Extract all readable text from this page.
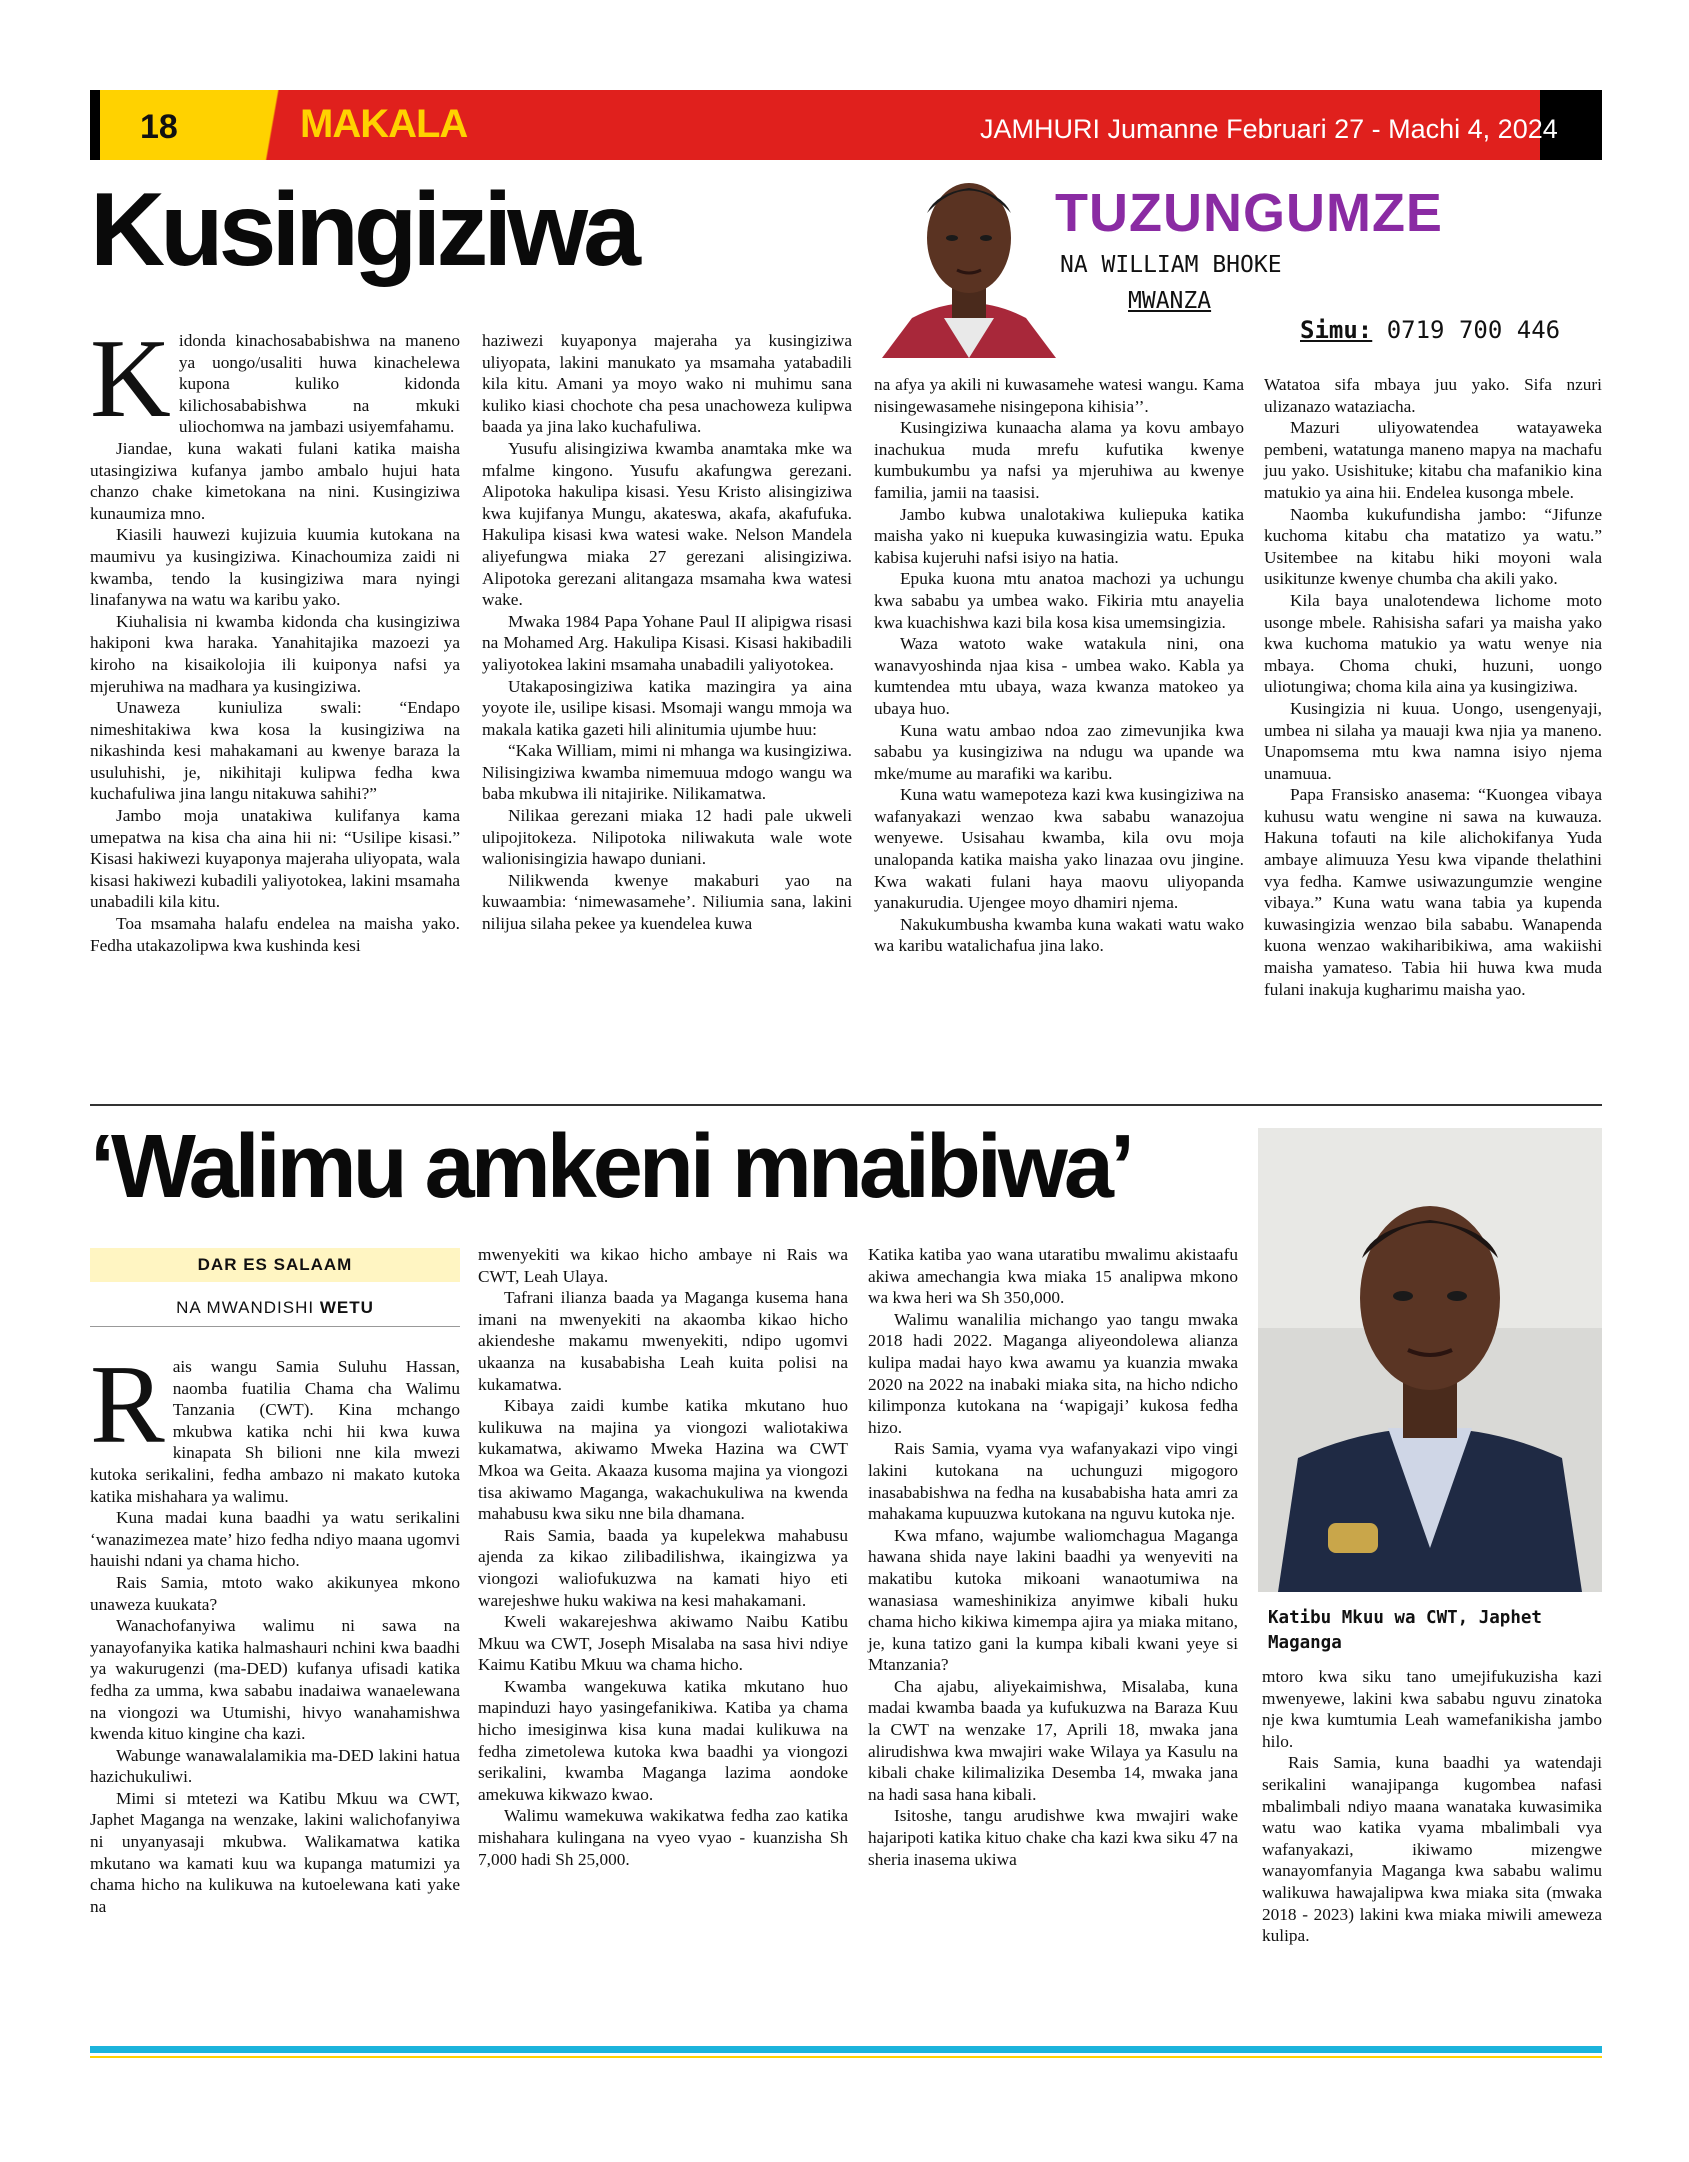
18	MAKALA	JAMHURI Jumanne Februari 27 - Machi 4, 2024
Kusingiziwa	TUZUNGUMZE
NA WILLIAM BHOKE
MWANZA
Simu: 0719 700 446
K idonda kinachosababishwa na maneno ya uongo/usaliti huwa kinachelewa kupona kuliko kidonda kilichosababishwa na mkuki uliochomwa na jambazi usiyemfahamu.

Jiandae, kuna wakati fulani katika maisha utasingiziwa kufanya jambo ambalo hujui hata chanzo chake kimetokana na nini. Kusingiziwa kunaumiza mno.

Kiasili hauwezi kujizuia kuumia kutokana na maumivu ya kusingiziwa. Kinachoumiza zaidi ni kwamba, tendo la kusingiziwa mara nyingi linafanywa na watu wa karibu yako.

Kiuhalisia ni kwamba kidonda cha kusingiziwa hakiponi kwa haraka. Yanahitajika mazoezi ya kiroho na kisaikolojia ili kuiponya nafsi ya mjeruhiwa na madhara ya kusingiziwa.

Unaweza kuniuliza swali: “Endapo nimeshitakiwa kwa kosa la kusingiziwa na nikashinda kesi mahakamani au kwenye baraza la usuluhishi, je, nikihitaji kulipwa fedha kwa kuchafuliwa jina langu nitakuwa sahihi?”

Jambo moja unatakiwa kulifanya kama umepatwa na kisa cha aina hii ni: “Usilipe kisasi.” Kisasi hakiwezi kuyaponya majeraha uliyopata, wala kisasi hakiwezi kubadili yaliyotokea, lakini msamaha unabadili kila kitu.

Toa msamaha halafu endelea na maisha yako. Fedha utakazolipwa kwa kushinda kesi

haziwezi kuyaponya majeraha ya kusingiziwa uliyopata, lakini manukato ya msamaha yatabadili kila kitu. Amani ya moyo wako ni muhimu sana kuliko kiasi chochote cha pesa unachoweza kulipwa baada ya jina lako kuchafuliwa.

Yusufu alisingiziwa kwamba anamtaka mke wa mfalme kingono. Yusufu akafungwa gerezani. Alipotoka hakulipa kisasi. Yesu Kristo alisingiziwa kwa kujifanya Mungu, akateswa, akafa, akafufuka. Hakulipa kisasi kwa watesi wake. Nelson Mandela aliyefungwa miaka 27 gerezani alisingiziwa. Alipotoka gerezani alitangaza msamaha kwa watesi wake.

Mwaka 1984 Papa Yohane Paul II alipigwa risasi na Mohamed Arg. Hakulipa Kisasi. Kisasi hakibadili yaliyotokea lakini msamaha unabadili yaliyotokea.

Utakaposingiziwa katika mazingira ya aina yoyote ile, usilipe kisasi. Msomaji wangu mmoja wa makala katika gazeti hili alinitumia ujumbe huu:

“Kaka William, mimi ni mhanga wa kusingiziwa. Nilisingiziwa kwamba nimemuua mdogo wangu wa baba mkubwa ili nitajirike. Nilikamatwa.

Nilikaa gerezani miaka 12 hadi pale ukweli ulipojitokeza. Nilipotoka niliwakuta wale wote walionisingizia hawapo duniani.

Nilikwenda kwenye makaburi yao na kuwaambia: ‘nimewasamehe’. Niliumia sana, lakini nilijua silaha pekee ya kuendelea kuwa

na afya ya akili ni kuwasamehe watesi wangu. Kama nisingewasamehe nisingepona kihisia’’.

Kusingiziwa kunaacha alama ya kovu ambayo inachukua muda mrefu kufutika kwenye kumbukumbu ya nafsi ya mjeruhiwa au kwenye familia, jamii na taasisi.

Jambo kubwa unalotakiwa kuliepuka katika maisha yako ni kuepuka kuwasingizia watu. Epuka kabisa kujeruhi nafsi isiyo na hatia.

Epuka kuona mtu anatoa machozi ya uchungu kwa sababu ya umbea wako. Fikiria mtu anayelia kwa kuachishwa kazi bila kosa kisa umemsingizia.

Waza watoto wake watakula nini, ona wanavyoshinda njaa kisa - umbea wako. Kabla ya kumtendea mtu ubaya, waza kwanza matokeo ya ubaya huo.

Kuna watu ambao ndoa zao zimevunjika kwa sababu ya kusingiziwa na ndugu wa upande wa mke/mume au marafiki wa karibu.

Kuna watu wamepoteza kazi kwa kusingiziwa na wafanyakazi wenzao kwa sababu wanazojua wenyewe. Usisahau kwamba, kila ovu moja unalopanda katika maisha yako linazaa ovu jingine. Kwa wakati fulani haya maovu uliyopanda yanakurudia. Ujengee moyo dhamiri njema.

Nakukumbusha kwamba kuna wakati watu wako wa karibu watalichafua jina lako.

Watatoa sifa mbaya juu yako. Sifa nzuri ulizanazo wataziacha.

Mazuri uliyowatendea watayaweka pembeni, watatunga maneno mapya na machafu juu yako. Usishituke; kitabu cha mafanikio kina matukio ya aina hii. Endelea kusonga mbele.

Naomba kukufundisha jambo: “Jifunze kuchoma kitabu cha matatizo ya watu.” Usitembee na kitabu hiki moyoni wala usikitunze kwenye chumba cha akili yako.

Kila baya unalotendewa lichome moto usonge mbele. Rahisisha safari ya maisha yako kwa kuchoma matukio ya watu wenye nia mbaya. Choma chuki, huzuni, uongo uliotungiwa; choma kila aina ya kusingiziwa.

Kusingizia ni kuua. Uongo, usengenyaji, umbea ni silaha ya mauaji kwa njia ya maneno. Unapomsema mtu kwa namna isiyo njema unamuua.

Papa Fransisko anasema: “Kuongea vibaya kuhusu watu wengine ni sawa na kuwauza. Hakuna tofauti na kile alichokifanya Yuda ambaye alimuuza Yesu kwa vipande thelathini vya fedha. Kamwe usiwazungumzie wengine vibaya.” Kuna watu wana tabia ya kupenda kuwasingizia wenzao bila sababu. Wanapenda kuona wenzao wakiharibikiwa, ama wakiishi maisha yamateso. Tabia hii huwa kwa muda fulani inakuja kugharimu maisha yao.

‘Walimu amkeni mnaibiwa’
DAR ES SALAAM
NA MWANDISHI WETU
Katibu Mkuu wa CWT, Japhet Maganga
R ais wangu Samia Suluhu Hassan, naomba fuatilia Chama cha Walimu Tanzania (CWT). Kina mchango mkubwa katika nchi hii kwa kuwa kinapata Sh bilioni nne kila mwezi kutoka serikalini, fedha ambazo ni makato kutoka katika mishahara ya walimu.

Kuna madai kuna baadhi ya watu serikalini ‘wanazimezea mate’ hizo fedha ndiyo maana ugomvi hauishi ndani ya chama hicho.

Rais Samia, mtoto wako akikunyea mkono unaweza kuukata?

Wanachofanyiwa walimu ni sawa na yanayofanyika katika halmashauri nchini kwa baadhi ya wakurugenzi (ma-DED) kufanya ufisadi katika fedha za umma, kwa sababu inadaiwa wanaelewana na viongozi wa Utumishi, hivyo wanahamishwa kwenda kituo kingine cha kazi.

Wabunge wanawalalamikia ma-DED lakini hatua hazichukuliwi.

Mimi si mtetezi wa Katibu Mkuu wa CWT, Japhet Maganga na wenzake, lakini walichofanyiwa ni unyanyasaji mkubwa. Walikamatwa katika mkutano wa kamati kuu wa kupanga matumizi ya chama hicho na kulikuwa na kutoelewana kati yake na

mwenyekiti wa kikao hicho ambaye ni Rais wa CWT, Leah Ulaya.

Tafrani ilianza baada ya Maganga kusema hana imani na mwenyekiti na akaomba kikao hicho akiendeshe makamu mwenyekiti, ndipo ugomvi ukaanza na kusababisha Leah kuita polisi na kukamatwa.

Kibaya zaidi kumbe katika mkutano huo kulikuwa na majina ya viongozi waliotakiwa kukamatwa, akiwamo Mweka Hazina wa CWT Mkoa wa Geita. Akaaza kusoma majina ya viongozi tisa akiwamo Maganga, wakachukuliwa na kwenda mahabusu kwa siku nne bila dhamana.

Rais Samia, baada ya kupelekwa mahabusu ajenda za kikao zilibadilishwa, ikaingizwa ya viongozi waliofukuzwa na kamati hiyo eti warejeshwe huku wakiwa na kesi mahakamani.

Kweli wakarejeshwa akiwamo Naibu Katibu Mkuu wa CWT, Joseph Misalaba na sasa hivi ndiye Kaimu Katibu Mkuu wa chama hicho.

Kwamba wangekuwa katika mkutano huo mapinduzi hayo yasingefanikiwa. Katiba ya chama hicho imesiginwa kisa kuna madai kulikuwa na fedha zimetolewa kutoka kwa baadhi ya viongozi serikalini, kwamba Maganga lazima aondoke amekuwa kikwazo kwao.

Walimu wamekuwa wakikatwa fedha zao katika mishahara kulingana na vyeo vyao - kuanzisha Sh 7,000 hadi Sh 25,000.

Katika katiba yao wana utaratibu mwalimu akistaafu akiwa amechangia kwa miaka 15 analipwa mkono wa kwa heri wa Sh 350,000.

Walimu wanalilia michango yao tangu mwaka 2018 hadi 2022. Maganga aliyeondolewa alianza kulipa madai hayo kwa awamu ya kuanzia mwaka 2020 na 2022 na inabaki miaka sita, na hicho ndicho kilimponza kutokana na ‘wapigaji’ kukosa fedha hizo.

Rais Samia, vyama vya wafanyakazi vipo vingi lakini kutokana na uchunguzi migogoro inasababishwa na fedha na kusababisha hata amri za mahakama kupuuzwa kutokana na nguvu kutoka nje.

Kwa mfano, wajumbe waliomchagua Maganga hawana shida naye lakini baadhi ya wenyeviti na makatibu kutoka mikoani wanaotumiwa na wanasiasa wameshinikiza anyimwe kibali huku chama hicho kikiwa kimempa ajira ya miaka mitano, je, kuna tatizo gani la kumpa kibali kwani yeye si Mtanzania?

Cha ajabu, aliyekaimishwa, Misalaba, kuna madai kwamba baada ya kufukuzwa na Baraza Kuu la CWT na wenzake 17, Aprili 18, mwaka jana alirudishwa kwa mwajiri wake Wilaya ya Kasulu na kibali chake kilimalizika Desemba 14, mwaka jana na hadi sasa hana kibali.

Isitoshe, tangu arudishwe kwa mwajiri wake hajaripoti katika kituo chake cha kazi kwa siku 47 na sheria inasema ukiwa

mtoro kwa siku tano umejifukuzisha kazi mwenyewe, lakini kwa sababu nguvu zinatoka nje kwa kumtumia Leah wamefanikisha jambo hilo.

Rais Samia, kuna baadhi ya watendaji serikalini wanajipanga kugombea nafasi mbalimbali ndiyo maana wanataka kuwasimika watu wao katika vyama mbalimbali vya wafanyakazi, ikiwamo mizengwe wanayomfanyia Maganga kwa sababu walimu walikuwa hawajalipwa kwa miaka sita (mwaka 2018 - 2023) lakini kwa miaka miwili ameweza kulipa.
